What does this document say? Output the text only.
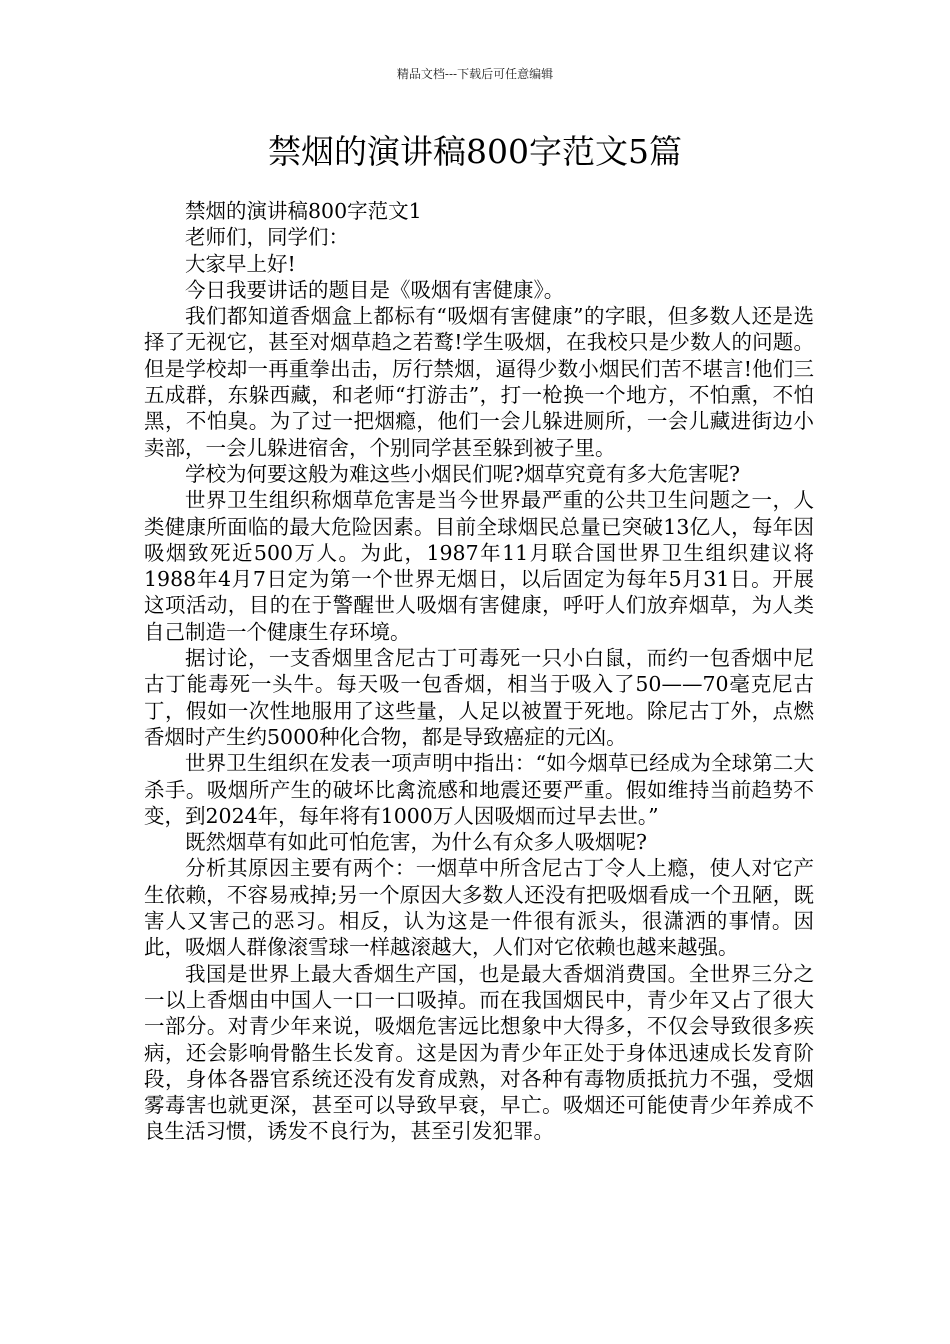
精品文档---下载后可任意编辑
禁烟的演讲稿800字范文5篇

禁烟的演讲稿800字范文1

老师们，同学们：

大家早上好!

今日我要讲话的题目是《吸烟有害健康》。

我们都知道香烟盒上都标有“吸烟有害健康”的字眼，但多数人还是选择了无视它，甚至对烟草趋之若鹜!学生吸烟，在我校只是少数人的问题。但是学校却一再重拳出击，厉行禁烟，逼得少数小烟民们苦不堪言!他们三五成群，东躲西藏，和老师“打游击”，打一枪换一个地方，不怕熏，不怕黑，不怕臭。为了过一把烟瘾，他们一会儿躲进厕所，一会儿藏进街边小卖部，一会儿躲进宿舍，个别同学甚至躲到被子里。

学校为何要这般为难这些小烟民们呢?烟草究竟有多大危害呢?

世界卫生组织称烟草危害是当今世界最严重的公共卫生问题之一，人类健康所面临的最大危险因素。目前全球烟民总量已突破13亿人，每年因吸烟致死近500万人。为此，1987年11月联合国世界卫生组织建议将1988年4月7日定为第一个世界无烟日，以后固定为每年5月31日。开展这项活动，目的在于警醒世人吸烟有害健康，呼吁人们放弃烟草，为人类自己制造一个健康生存环境。

据讨论，一支香烟里含尼古丁可毒死一只小白鼠，而约一包香烟中尼古丁能毒死一头牛。每天吸一包香烟，相当于吸入了50——70毫克尼古丁，假如一次性地服用了这些量，人足以被置于死地。除尼古丁外，点燃香烟时产生约5000种化合物，都是导致癌症的元凶。

世界卫生组织在发表一项声明中指出：“如今烟草已经成为全球第二大杀手。吸烟所产生的破坏比禽流感和地震还要严重。假如维持当前趋势不变，到2024年，每年将有1000万人因吸烟而过早去世。”

既然烟草有如此可怕危害，为什么有众多人吸烟呢?

分析其原因主要有两个：一烟草中所含尼古丁令人上瘾，使人对它产生依赖，不容易戒掉;另一个原因大多数人还没有把吸烟看成一个丑陋，既害人又害己的恶习。相反，认为这是一件很有派头，很潇洒的事情。因此，吸烟人群像滚雪球一样越滚越大，人们对它依赖也越来越强。

我国是世界上最大香烟生产国，也是最大香烟消费国。全世界三分之一以上香烟由中国人一口一口吸掉。而在我国烟民中，青少年又占了很大一部分。对青少年来说，吸烟危害远比想象中大得多，不仅会导致很多疾病，还会影响骨骼生长发育。这是因为青少年正处于身体迅速成长发育阶段，身体各器官系统还没有发育成熟，对各种有毒物质抵抗力不强，受烟雾毒害也就更深，甚至可以导致早衰，早亡。吸烟还可能使青少年养成不良生活习惯，诱发不良行为，甚至引发犯罪。
